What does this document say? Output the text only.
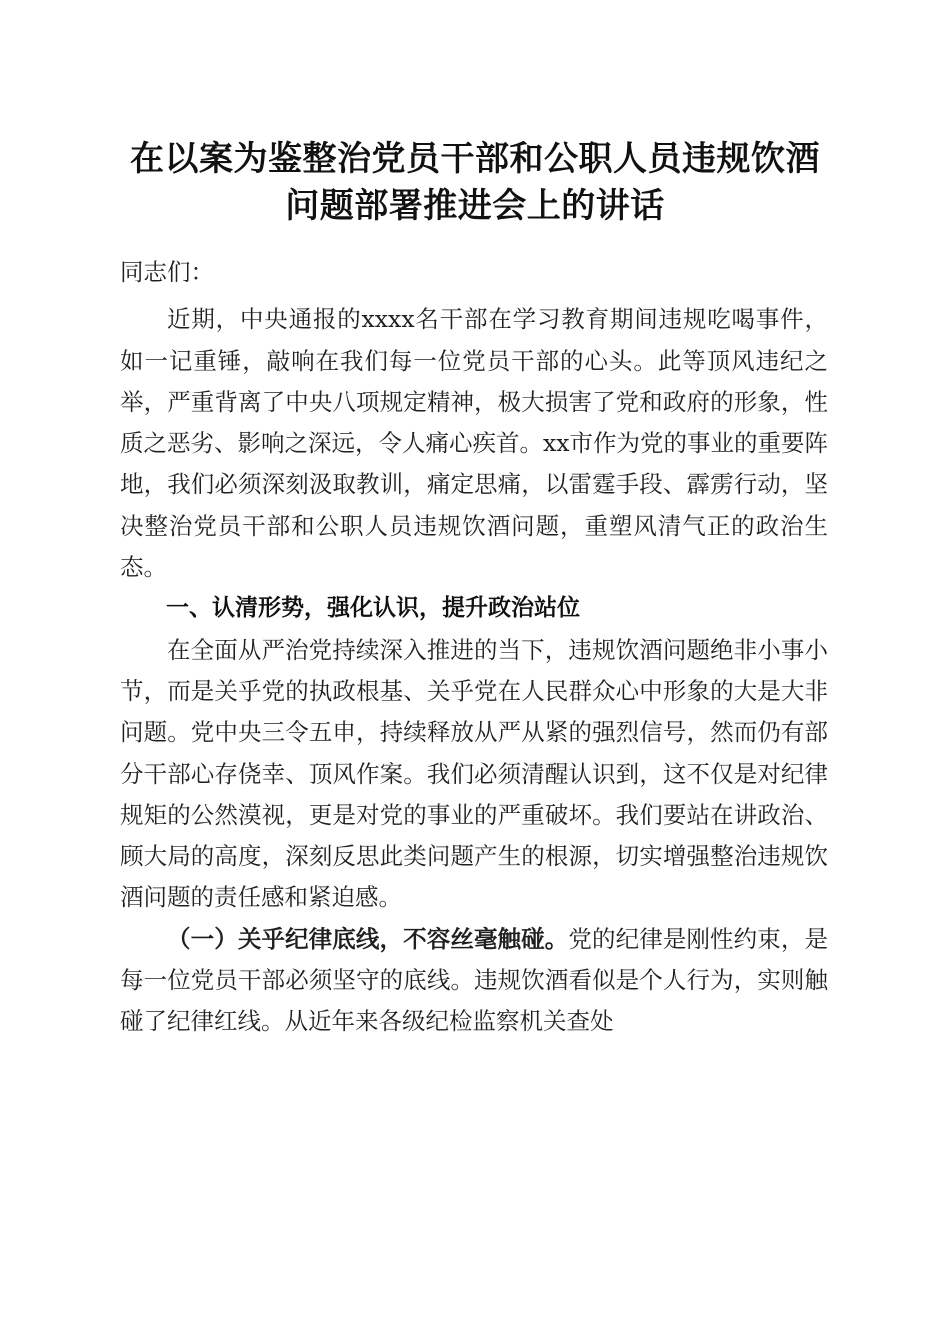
在以案为鉴整治党员干部和公职人员违规饮酒
问题部署推进会上的讲话

同志们：

近期，中央通报的xxxx名干部在学习教育期间违规吃喝事件，如一记重锤，敲响在我们每一位党员干部的心头。此等顶风违纪之举，严重背离了中央八项规定精神，极大损害了党和政府的形象，性质之恶劣、影响之深远，令人痛心疾首。xx市作为党的事业的重要阵地，我们必须深刻汲取教训，痛定思痛，以雷霆手段、霹雳行动，坚决整治党员干部和公职人员违规饮酒问题，重塑风清气正的政治生态。

一、认清形势，强化认识，提升政治站位

在全面从严治党持续深入推进的当下，违规饮酒问题绝非小事小节，而是关乎党的执政根基、关乎党在人民群众心中形象的大是大非问题。党中央三令五申，持续释放从严从紧的强烈信号，然而仍有部分干部心存侥幸、顶风作案。我们必须清醒认识到，这不仅是对纪律规矩的公然漠视，更是对党的事业的严重破坏。我们要站在讲政治、顾大局的高度，深刻反思此类问题产生的根源，切实增强整治违规饮酒问题的责任感和紧迫感。

（一）关乎纪律底线，不容丝毫触碰。党的纪律是刚性约束，是每一位党员干部必须坚守的底线。违规饮酒看似是个人行为，实则触碰了纪律红线。从近年来各级纪检监察机关查处
